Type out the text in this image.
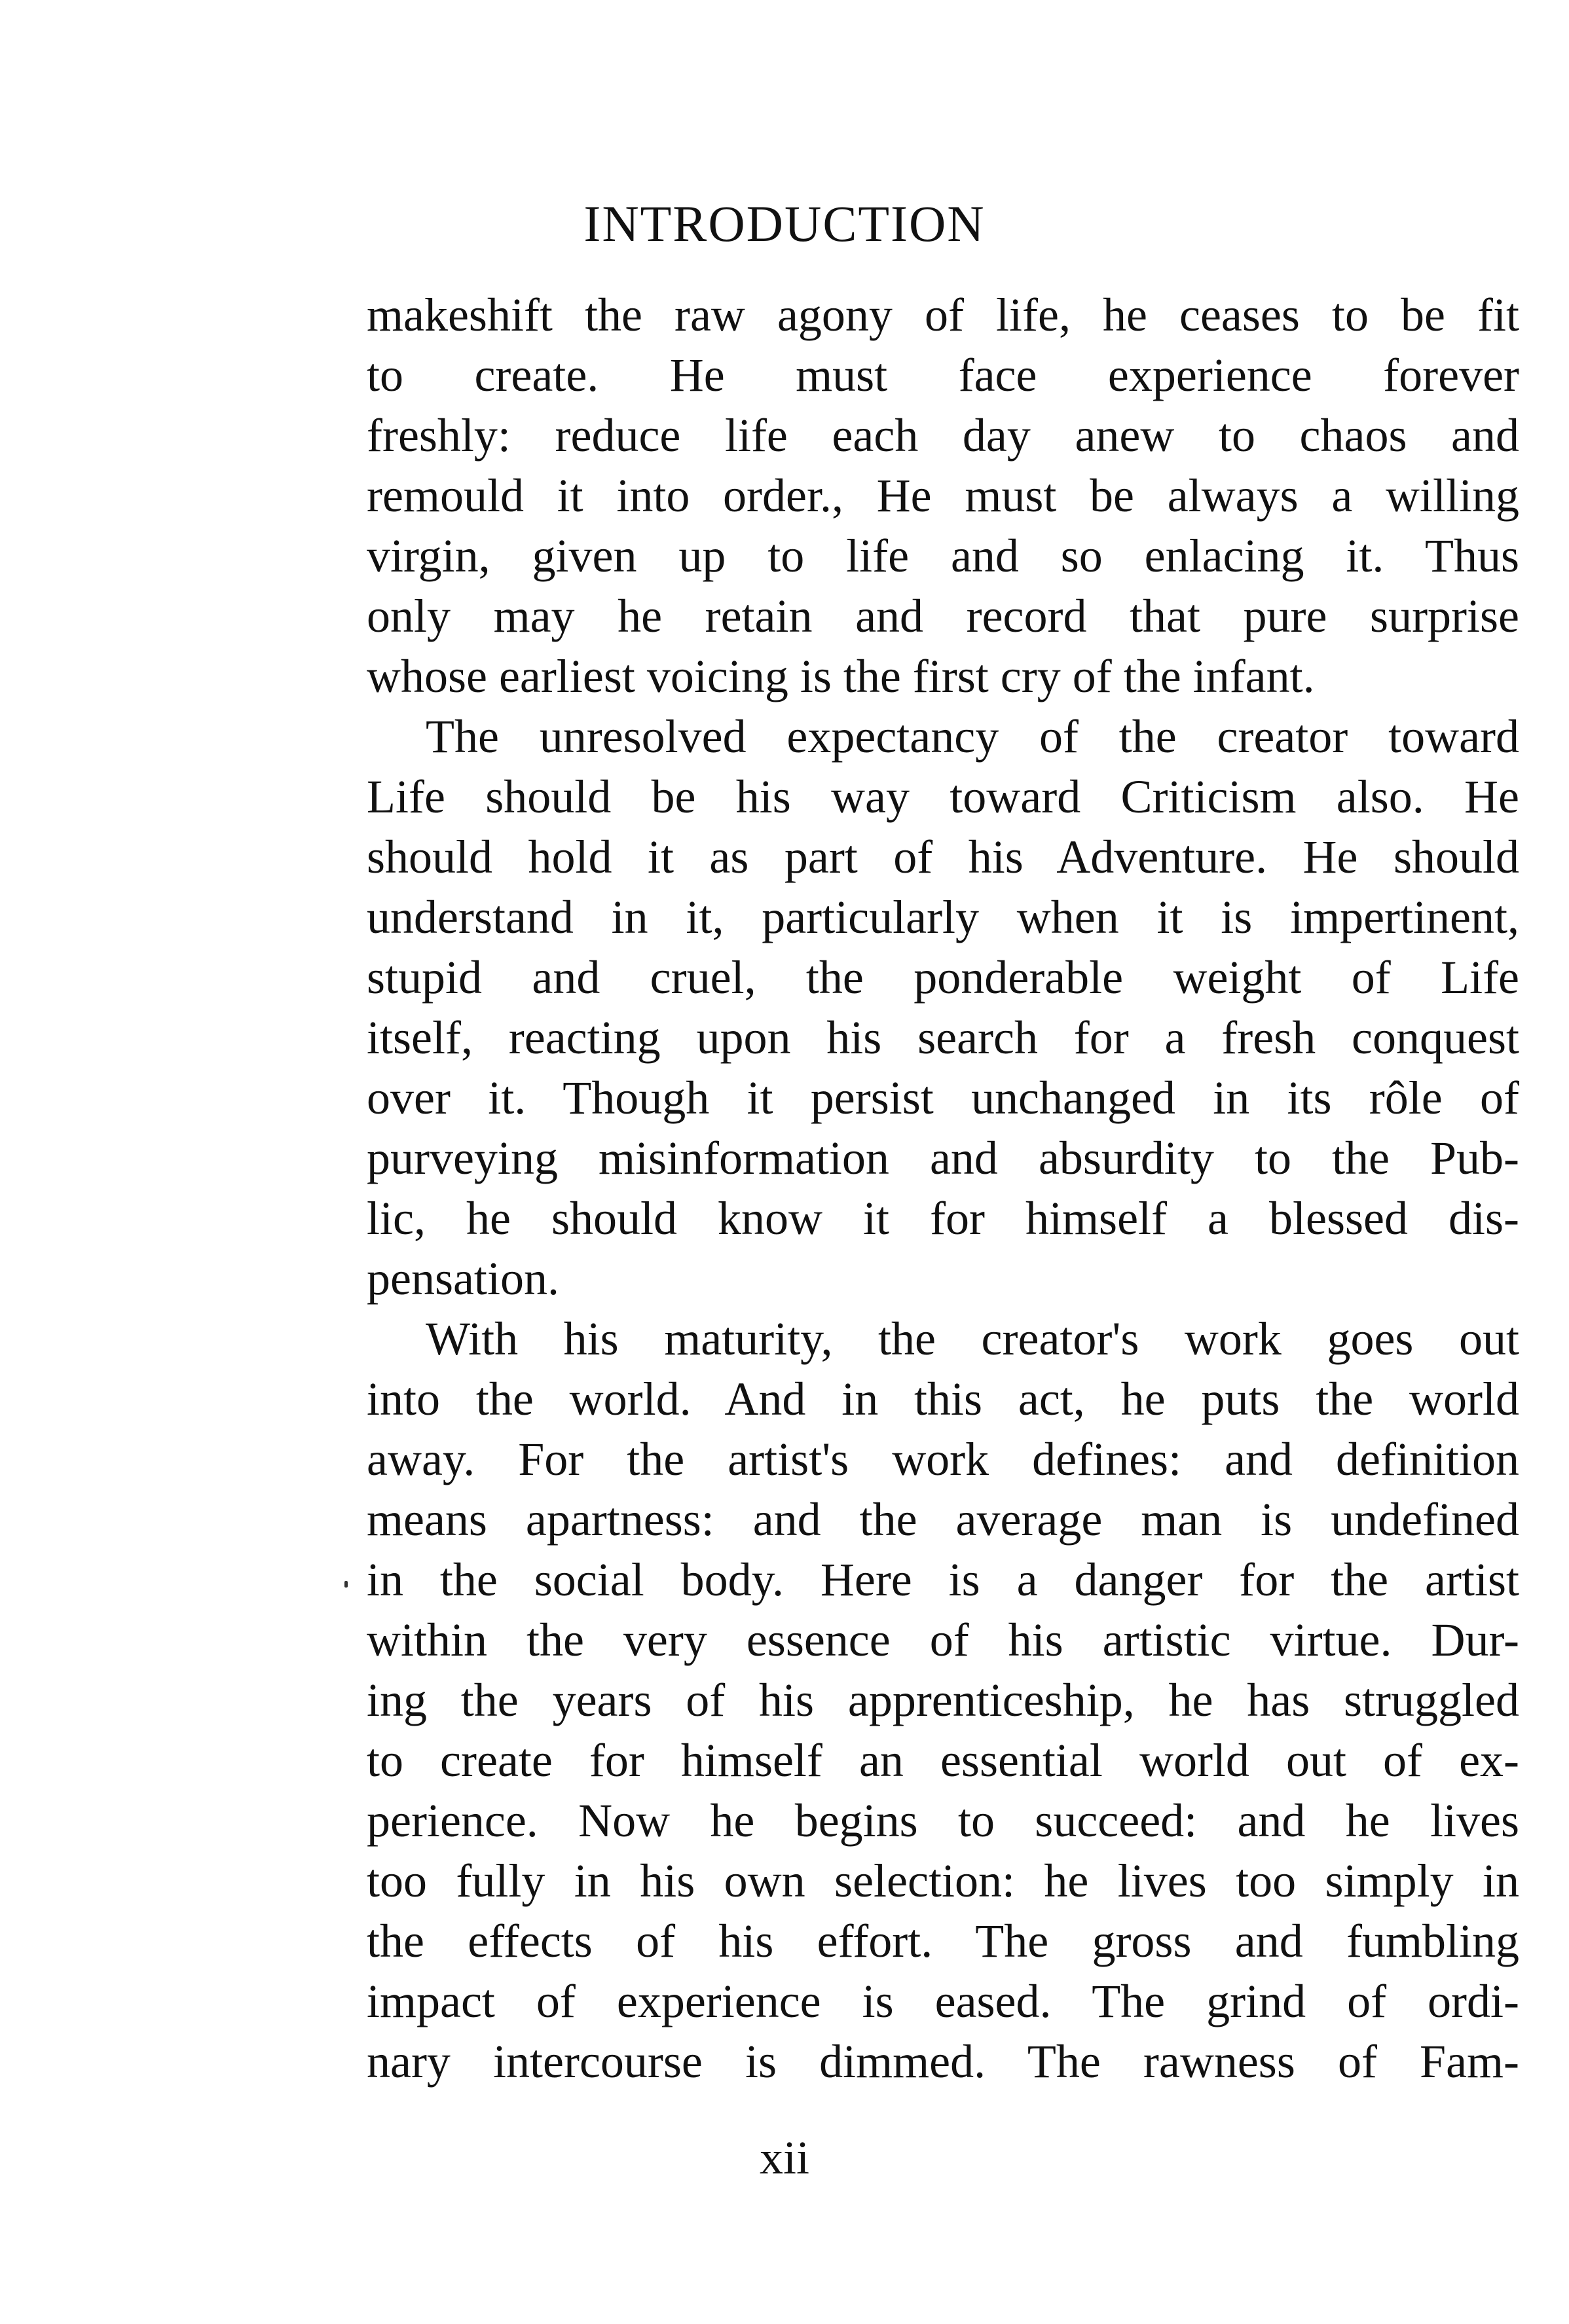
INTRODUCTION
makeshift the raw agony of life, he ceases to be fit
to create. He must face experience forever
freshly: reduce life each day anew to chaos and
remould it into order., He must be always a willing
virgin, given up to life and so enlacing it. Thus
only may he retain and record that pure surprise
whose earliest voicing is the first cry of the infant.
The unresolved expectancy of the creator toward
Life should be his way toward Criticism also. He
should hold it as part of his Adventure. He should
understand in it, particularly when it is impertinent,
stupid and cruel, the ponderable weight of Life
itself, reacting upon his search for a fresh conquest
over it. Though it persist unchanged in its rôle of
purveying misinformation and absurdity to the Pub-
lic, he should know it for himself a blessed dis-
pensation.
With his maturity, the creator's work goes out
into the world. And in this act, he puts the world
away. For the artist's work defines: and definition
means apartness: and the average man is undefined
in the social body. Here is a danger for the artist
within the very essence of his artistic virtue. Dur-
ing the years of his apprenticeship, he has struggled
to create for himself an essential world out of ex-
perience. Now he begins to succeed: and he lives
too fully in his own selection: he lives too simply in
the effects of his effort. The gross and fumbling
impact of experience is eased. The grind of ordi-
nary intercourse is dimmed. The rawness of Fam-
xii
